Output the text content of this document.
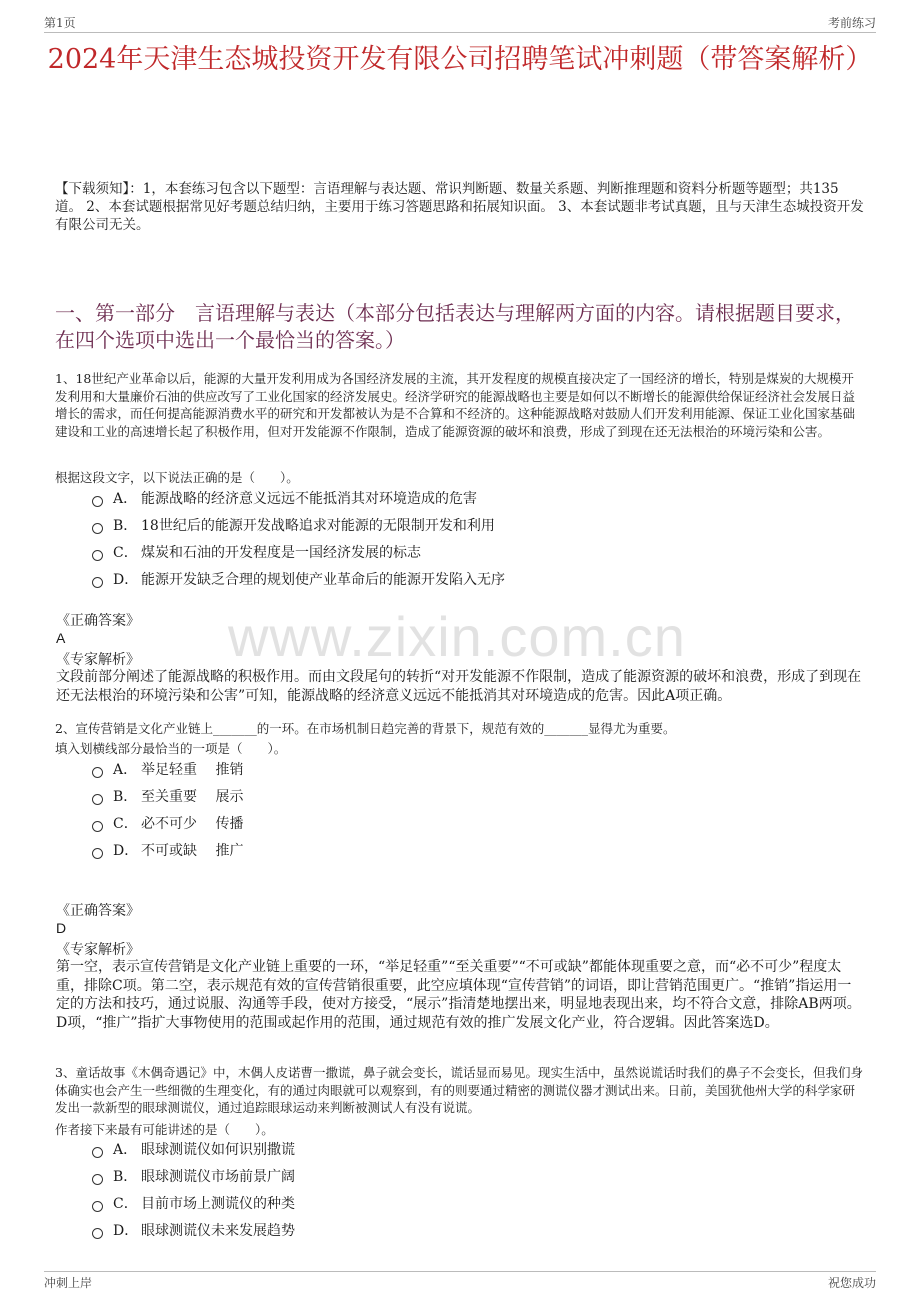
第1页	考前练习
2024年天津生态城投资开发有限公司招聘笔试冲刺题（带答案解析）
【下载须知】：1，本套练习包含以下题型：言语理解与表达题、常识判断题、数量关系题、判断推理题和资料分析题等题型；共135道。 2、本套试题根据常见好考题总结归纳，主要用于练习答题思路和拓展知识面。 3、本套试题非考试真题，且与天津生态城投资开发有限公司无关。
一、第一部分　言语理解与表达（本部分包括表达与理解两方面的内容。请根据题目要求，在四个选项中选出一个最恰当的答案。）
1、18世纪产业革命以后，能源的大量开发利用成为各国经济发展的主流，其开发程度的规模直接决定了一国经济的增长，特别是煤炭的大规模开发利用和大量廉价石油的供应改写了工业化国家的经济发展史。经济学研究的能源战略也主要是如何以不断增长的能源供给保证经济社会发展日益增长的需求，而任何提高能源消费水平的研究和开发都被认为是不合算和不经济的。这种能源战略对鼓励人们开发利用能源、保证工业化国家基础建设和工业的高速增长起了积极作用，但对开发能源不作限制，造成了能源资源的破坏和浪费，形成了到现在还无法根治的环境污染和公害。
根据这段文字，以下说法正确的是（　　）。
A． 能源战略的经济意义远远不能抵消其对环境造成的危害
B． 18世纪后的能源开发战略追求对能源的无限制开发和利用
C． 煤炭和石油的开发程度是一国经济发展的标志
D． 能源开发缺乏合理的规划使产业革命后的能源开发陷入无序
《正确答案》
A
《专家解析》
文段前部分阐述了能源战略的积极作用。而由文段尾句的转折“对开发能源不作限制，造成了能源资源的破坏和浪费，形成了到现在还无法根治的环境污染和公害”可知，能源战略的经济意义远远不能抵消其对环境造成的危害。因此A项正确。
2、宣传营销是文化产业链上_______的一环。在市场机制日趋完善的背景下，规范有效的_______显得尤为重要。
填入划横线部分最恰当的一项是（　　）。
A． 举足轻重　 推销
B． 至关重要　 展示
C． 必不可少　 传播
D． 不可或缺　 推广
《正确答案》
D
《专家解析》
第一空，表示宣传营销是文化产业链上重要的一环，“举足轻重”“至关重要”“不可或缺”都能体现重要之意，而“必不可少”程度太重，排除C项。第二空，表示规范有效的宣传营销很重要，此空应填体现“宣传营销”的词语，即让营销范围更广。“推销”指运用一定的方法和技巧，通过说服、沟通等手段，使对方接受，“展示”指清楚地摆出来，明显地表现出来，均不符合文意，排除AB两项。D项，“推广”指扩大事物使用的范围或起作用的范围，通过规范有效的推广发展文化产业，符合逻辑。因此答案选D。
3、童话故事《木偶奇遇记》中，木偶人皮诺曹一撒谎，鼻子就会变长，谎话显而易见。现实生活中，虽然说谎话时我们的鼻子不会变长，但我们身体确实也会产生一些细微的生理变化，有的通过肉眼就可以观察到，有的则要通过精密的测谎仪器才测试出来。日前，美国犹他州大学的科学家研发出一款新型的眼球测谎仪，通过追踪眼球运动来判断被测试人有没有说谎。
作者接下来最有可能讲述的是（　　）。
A． 眼球测谎仪如何识别撒谎
B． 眼球测谎仪市场前景广阔
C． 目前市场上测谎仪的种类
D． 眼球测谎仪未来发展趋势
www.zixin.com.cn
冲刺上岸	祝您成功
